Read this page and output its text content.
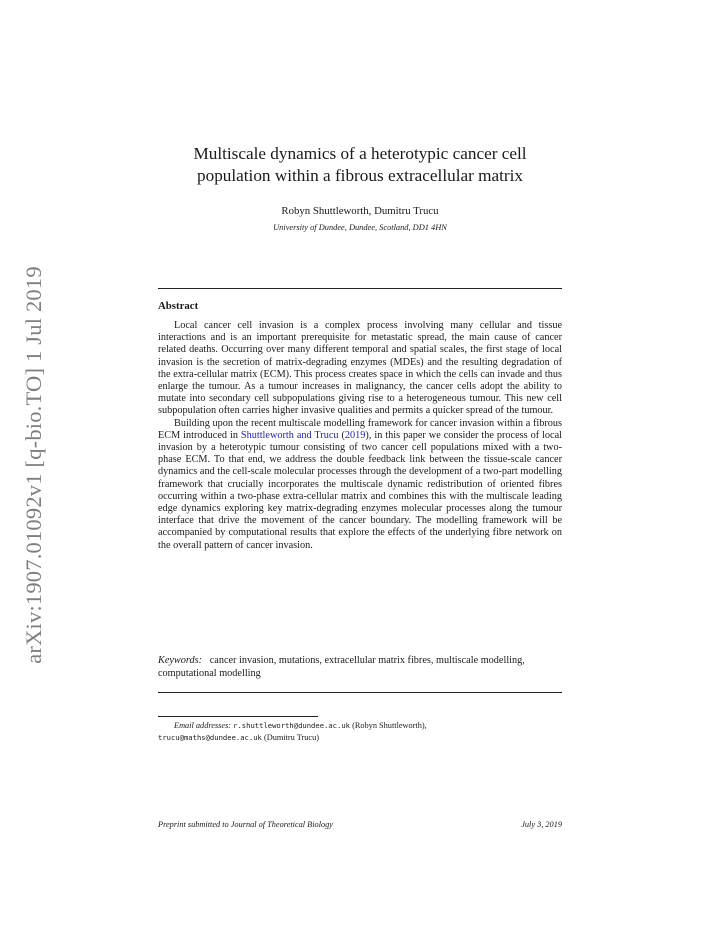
arXiv:1907.01092v1 [q-bio.TO] 1 Jul 2019
Multiscale dynamics of a heterotypic cancer cell
population within a fibrous extracellular matrix
Robyn Shuttleworth, Dumitru Trucu
University of Dundee, Dundee, Scotland, DD1 4HN
Abstract

Local cancer cell invasion is a complex process involving many cellular and tissue interactions and is an important prerequisite for metastatic spread, the main cause of cancer related deaths. Occurring over many different temporal and spatial scales, the first stage of local invasion is the secretion of matrix-degrading enzymes (MDEs) and the resulting degradation of the extra-cellular matrix (ECM). This process creates space in which the cells can invade and thus enlarge the tumour. As a tumour increases in malignancy, the cancer cells adopt the ability to mutate into secondary cell subpopulations giving rise to a heterogeneous tumour. This new cell subpopulation often carries higher invasive qualities and permits a quicker spread of the tumour.

Building upon the recent multiscale modelling framework for cancer invasion within a fibrous ECM introduced in Shuttleworth and Trucu (2019), in this paper we consider the process of local invasion by a heterotypic tumour consisting of two cancer cell populations mixed with a two-phase ECM. To that end, we address the double feedback link between the tissue-scale cancer dynamics and the cell-scale molecular processes through the development of a two-part modelling framework that crucially incorporates the multiscale dynamic redistribution of oriented fibres occurring within a two-phase extra-cellular matrix and combines this with the multiscale leading edge dynamics exploring key matrix-degrading enzymes molecular processes along the tumour interface that drive the movement of the cancer boundary. The modelling framework will be accompanied by computational results that explore the effects of the underlying fibre network on the overall pattern of cancer invasion.

Keywords: cancer invasion, mutations, extracellular matrix fibres, multiscale modelling, computational modelling
Email addresses: r.shuttleworth@dundee.ac.uk (Robyn Shuttleworth),
trucu@maths@dundee.ac.uk (Dumitru Trucu)
Preprint submitted to Journal of Theoretical Biology	July 3, 2019
